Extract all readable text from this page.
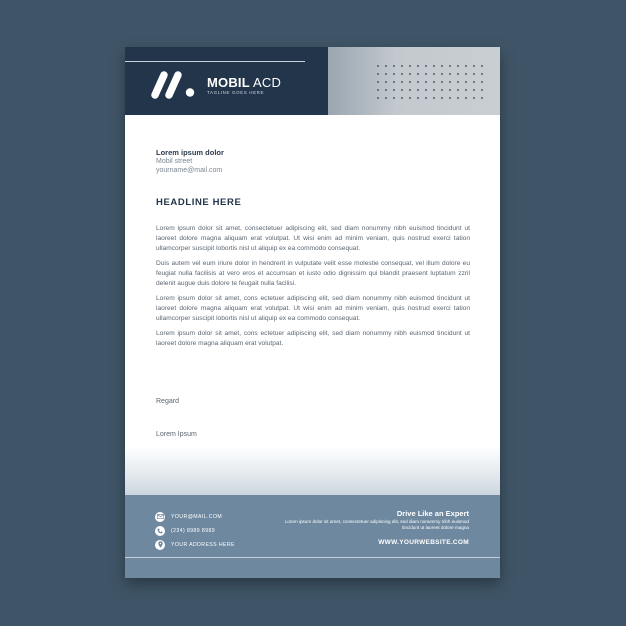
MOBIL ACD
TAGLINE GOES HERE
Lorem ipsum dolor
Mobil street
yourname@mail.com
HEADLINE HERE

Lorem ipsum dolor sit amet, consectetuer adipiscing elit, sed diam nonummy nibh euismod tincidunt ut laoreet dolore magna aliquam erat volutpat. Ut wisi enim ad minim veniam, quis nostrud exerci tation ullamcorper suscipit lobortis nisl ut aliquip ex ea commodo consequat.

Duis autem vel eum iriure dolor in hendrerit in vulputate velit esse molestie consequat, vel illum dolore eu feugiat nulla facilisis at vero eros et accumsan et iusto odio dignissim qui blandit praesent luptatum zzril delenit augue duis dolore te feugait nulla facilisi.

Lorem ipsum dolor sit amet, cons ectetuer adipiscing elit, sed diam nonummy nibh euismod tincidunt ut laoreet dolore magna aliquam erat volutpat. Ut wisi enim ad minim veniam, quis nostrud exerci tation ullamcorper suscipit lobortis nisl ut aliquip ex ea commodo consequat.

Lorem ipsum dolor sit amet, cons ectetuer adipiscing elit, sed diam nonummy nibh euismod tincidunt ut laoreet dolore magna aliquam erat volutpat.

Regard
Lorem Ipsum
YOUR@MAIL.COM
(234) 8989 8989
YOUR ADDRESS HERE
Drive Like an Expert
Lorem ipsum dolor sit amet, consectetuer adipiscing elit, sed diam nonummy nibh euismod tincidunt ut laoreet dolore magna
WWW.YOURWEBSITE.COM
